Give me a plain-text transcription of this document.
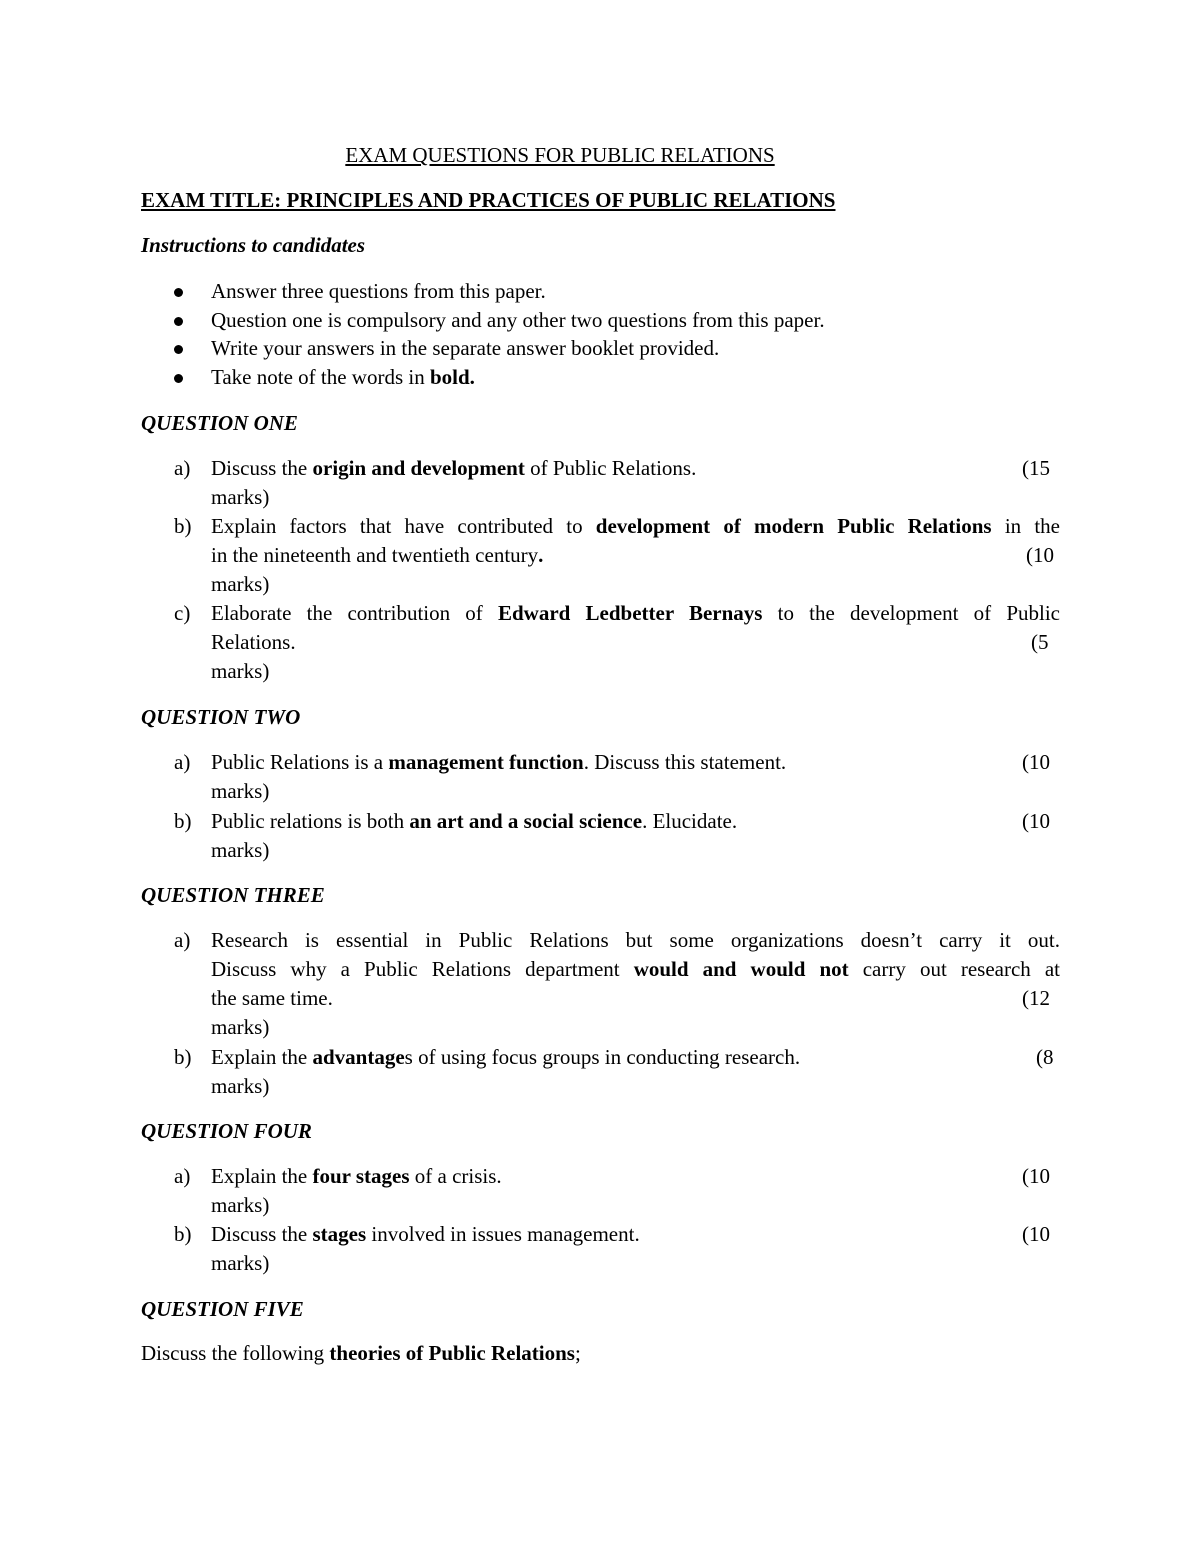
EXAM QUESTIONS FOR PUBLIC RELATIONS
EXAM TITLE: PRINCIPLES AND PRACTICES OF PUBLIC RELATIONS
Instructions to candidates
Answer three questions from this paper.
Question one is compulsory and any other two questions from this paper.
Write your answers in the separate answer booklet provided.
Take note of the words in bold.
QUESTION ONE
a) Discuss the origin and development of Public Relations.	(15
marks)
b) Explain factors that have contributed to development of modern Public Relations in the
in the nineteenth and twentieth century.	(10
marks)
c) Elaborate the contribution of Edward Ledbetter Bernays to the development of Public
Relations.	(5
marks)
QUESTION TWO
a) Public Relations is a management function. Discuss this statement.	(10
marks)
b) Public relations is both an art and a social science. Elucidate.	(10
marks)
QUESTION THREE
a) Research is essential in Public Relations but some organizations doesn’t carry it out.
Discuss why a Public Relations department would and would not carry out research at
the same time.	(12
marks)
b) Explain the advantages of using focus groups in conducting research.	(8
marks)
QUESTION FOUR
a) Explain the four stages of a crisis.	(10
marks)
b) Discuss the stages involved in issues management.	(10
marks)
QUESTION FIVE
Discuss the following theories of Public Relations;
